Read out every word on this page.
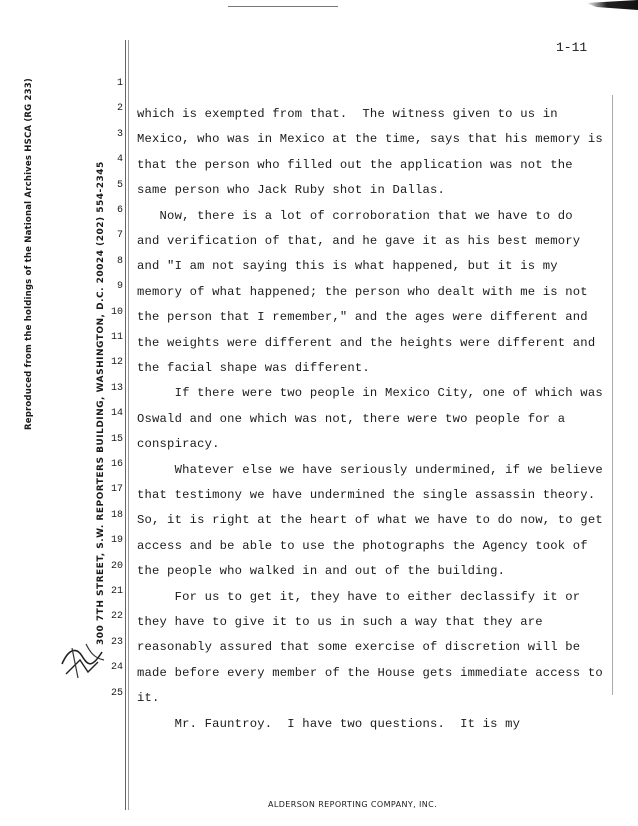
1-11
Reproduced from the holdings of the National Archives HSCA (RG 233)	300 7TH STREET, S.W. REPORTERS BUILDING, WASHINGTON, D.C. 20024 (202) 554-2345
1
2
3
4
5
6
7
8
9
10
11
12
13
14
15
16
17
18
19
20
21
22
23
24
25
which is exempted from that.  The witness given to us in
Mexico, who was in Mexico at the time, says that his memory is
that the person who filled out the application was not the
same person who Jack Ruby shot in Dallas.
Now, there is a lot of corroboration that we have to do
and verification of that, and he gave it as his best memory
and "I am not saying this is what happened, but it is my
memory of what happened; the person who dealt with me is not
the person that I remember," and the ages were different and
the weights were different and the heights were different and
the facial shape was different.
If there were two people in Mexico City, one of which was
Oswald and one which was not, there were two people for a
conspiracy.
Whatever else we have seriously undermined, if we believe
that testimony we have undermined the single assassin theory.
So, it is right at the heart of what we have to do now, to get
access and be able to use the photographs the Agency took of
the people who walked in and out of the building.
For us to get it, they have to either declassify it or
they have to give it to us in such a way that they are
reasonably assured that some exercise of discretion will be
made before every member of the House gets immediate access to
it.
Mr. Fauntroy.  I have two questions.  It is my
ALDERSON REPORTING COMPANY, INC.
